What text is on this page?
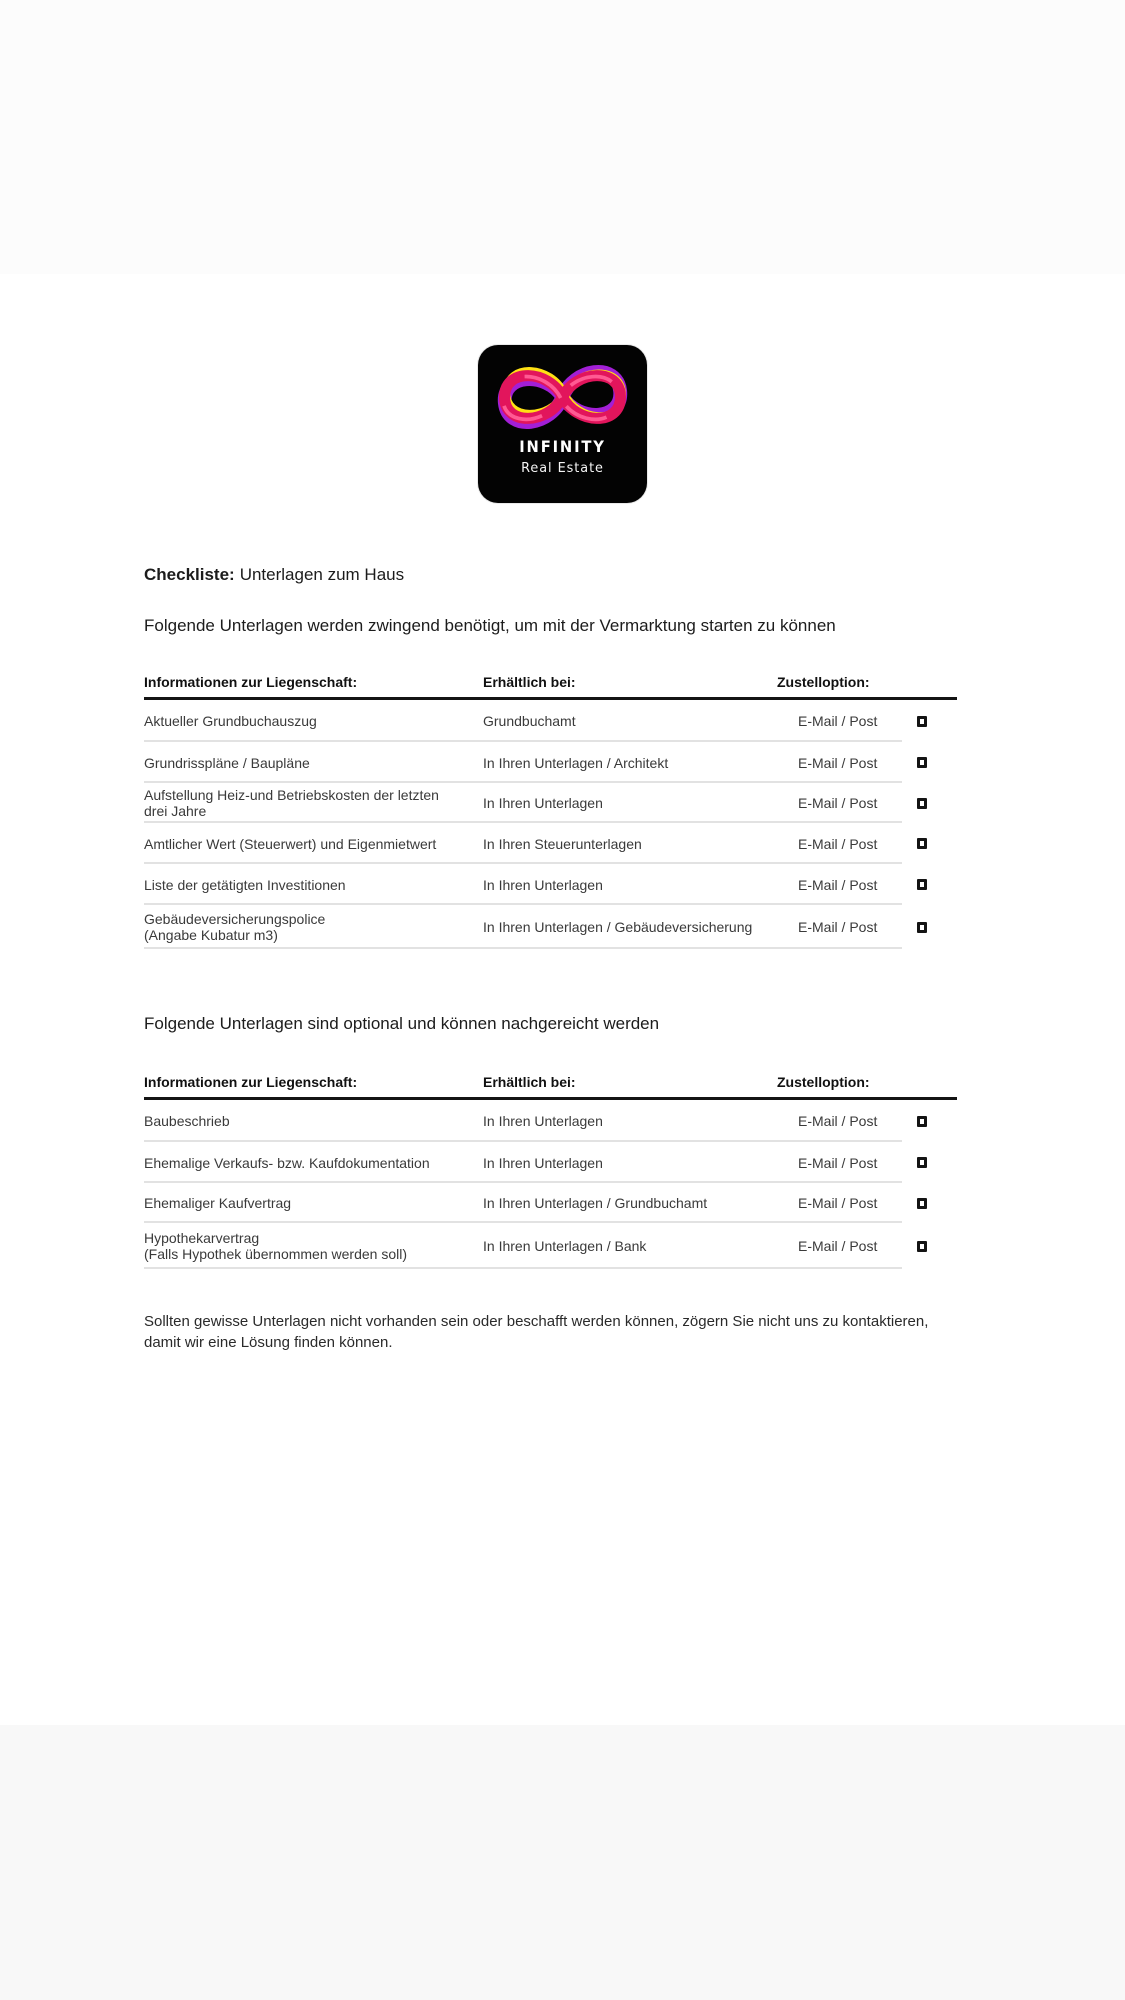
INFINITY
Real Estate
Checkliste: Unterlagen zum Haus
Folgende Unterlagen werden zwingend benötigt, um mit der Vermarktung starten zu können
Informationen zur Liegenschaft:	Erhältlich bei:	Zustelloption:
Aktueller Grundbuchauszug	Grundbuchamt	E-Mail / Post
Grundrisspläne / Baupläne	In Ihren Unterlagen / Architekt	E-Mail / Post
Aufstellung Heiz-und Betriebskosten der letzten
drei Jahre	In Ihren Unterlagen	E-Mail / Post
Amtlicher Wert (Steuerwert) und Eigenmietwert	In Ihren Steuerunterlagen	E-Mail / Post
Liste der getätigten Investitionen	In Ihren Unterlagen	E-Mail / Post
Gebäudeversicherungspolice
(Angabe Kubatur m3)	In Ihren Unterlagen / Gebäudeversicherung	E-Mail / Post
Folgende Unterlagen sind optional und können nachgereicht werden
Informationen zur Liegenschaft:	Erhältlich bei:	Zustelloption:
Baubeschrieb	In Ihren Unterlagen	E-Mail / Post
Ehemalige Verkaufs- bzw. Kaufdokumentation	In Ihren Unterlagen	E-Mail / Post
Ehemaliger Kaufvertrag	In Ihren Unterlagen / Grundbuchamt	E-Mail / Post
Hypothekarvertrag
(Falls Hypothek übernommen werden soll)	In Ihren Unterlagen / Bank	E-Mail / Post
Sollten gewisse Unterlagen nicht vorhanden sein oder beschafft werden können, zögern Sie nicht uns zu kontaktieren,
damit wir eine Lösung finden können.
